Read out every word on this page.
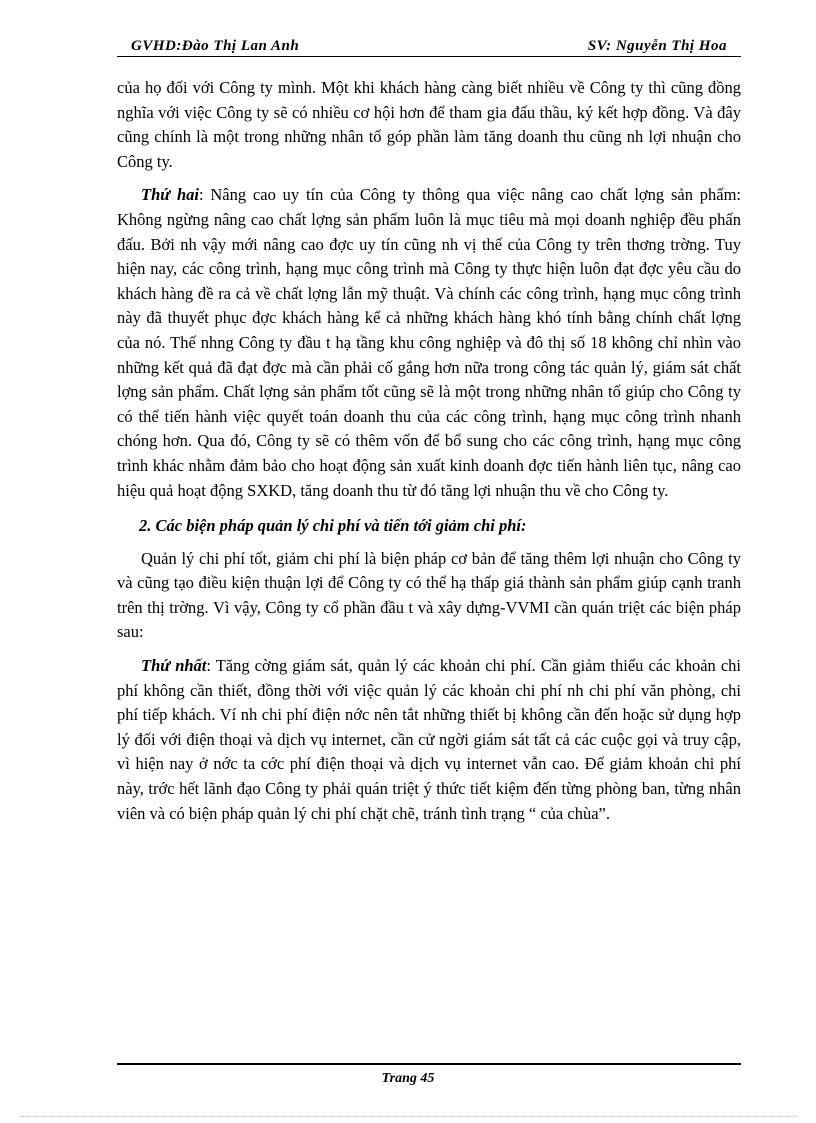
GVHD:Đào Thị Lan Anh	SV: Nguyễn Thị Hoa

của họ đối với Công ty mình. Một khi khách hàng càng biết nhiều về Công ty thì cũng đồng nghĩa với việc Công ty sẽ có nhiều cơ hội hơn để tham gia đấu thầu, ký kết hợp đồng. Và đây cũng chính là một trong những nhân tố góp phần làm tăng doanh thu cũng nh lợi nhuận cho Công ty.

Thứ hai: Nâng cao uy tín của Công ty thông qua việc nâng cao chất lợng sản phẩm: Không ngừng nâng cao chất lợng sản phẩm luôn là mục tiêu mà mọi doanh nghiệp đều phấn đấu. Bởi nh vậy mới nâng cao đợc uy tín cũng nh vị thế của Công ty trên thơng trờng. Tuy hiện nay, các công trình, hạng mục công trình mà Công ty thực hiện luôn đạt đợc yêu cầu do khách hàng đề ra cả về chất lợng lẫn mỹ thuật. Và chính các công trình, hạng mục công trình này đã thuyết phục đợc khách hàng kể cả những khách hàng khó tính bằng chính chất lợng của nó. Thế nhng Công ty đầu t hạ tầng khu công nghiệp và đô thị số 18 không chỉ nhìn vào những kết quả đã đạt đợc mà cần phải cố gắng hơn nữa trong công tác quản lý, giám sát chất lợng sản phẩm. Chất lợng sản phẩm tốt cũng sẽ là một trong những nhân tố giúp cho Công ty có thể tiến hành việc quyết toán doanh thu của các công trình, hạng mục công trình nhanh chóng hơn. Qua đó, Công ty sẽ có thêm vốn để bổ sung cho các công trình, hạng mục công trình khác nhằm đảm bảo cho hoạt động sản xuất kinh doanh đợc tiến hành liên tục, nâng cao hiệu quả hoạt động SXKD, tăng doanh thu từ đó tăng lợi nhuận thu về cho Công ty.

2. Các biện pháp quản lý chi phí và tiến tới giảm chi phí:

Quản lý chi phí tốt, giảm chi phí là biện pháp cơ bản để tăng thêm lợi nhuận cho Công ty và cũng tạo điều kiện thuận lợi để Công ty có thể hạ thấp giá thành sản phẩm giúp cạnh tranh trên thị trờng. Vì vậy, Công ty cổ phần đầu t và xây dựng-VVMI cần quán triệt các biện pháp sau:

Thứ nhất: Tăng cờng giám sát, quản lý các khoản chi phí. Cần giảm thiểu các khoản chi phí không cần thiết, đồng thời với việc quản lý các khoản chi phí nh chi phí văn phòng, chi phí tiếp khách. Ví nh chi phí điện nớc nên tắt những thiết bị không cần đến hoặc sử dụng hợp lý đối với điện thoại và dịch vụ internet, cần cử ngời giám sát tất cả các cuộc gọi và truy cập, vì hiện nay ở nớc ta cớc phí điện thoại và dịch vụ internet vẫn cao. Để giảm khoản chi phí này, trớc hết lãnh đạo Công ty phải quán triệt ý thức tiết kiệm đến từng phòng ban, từng nhân viên và có biện pháp quản lý chi phí chặt chẽ, tránh tình trạng “ của chùa”.

Trang 45
